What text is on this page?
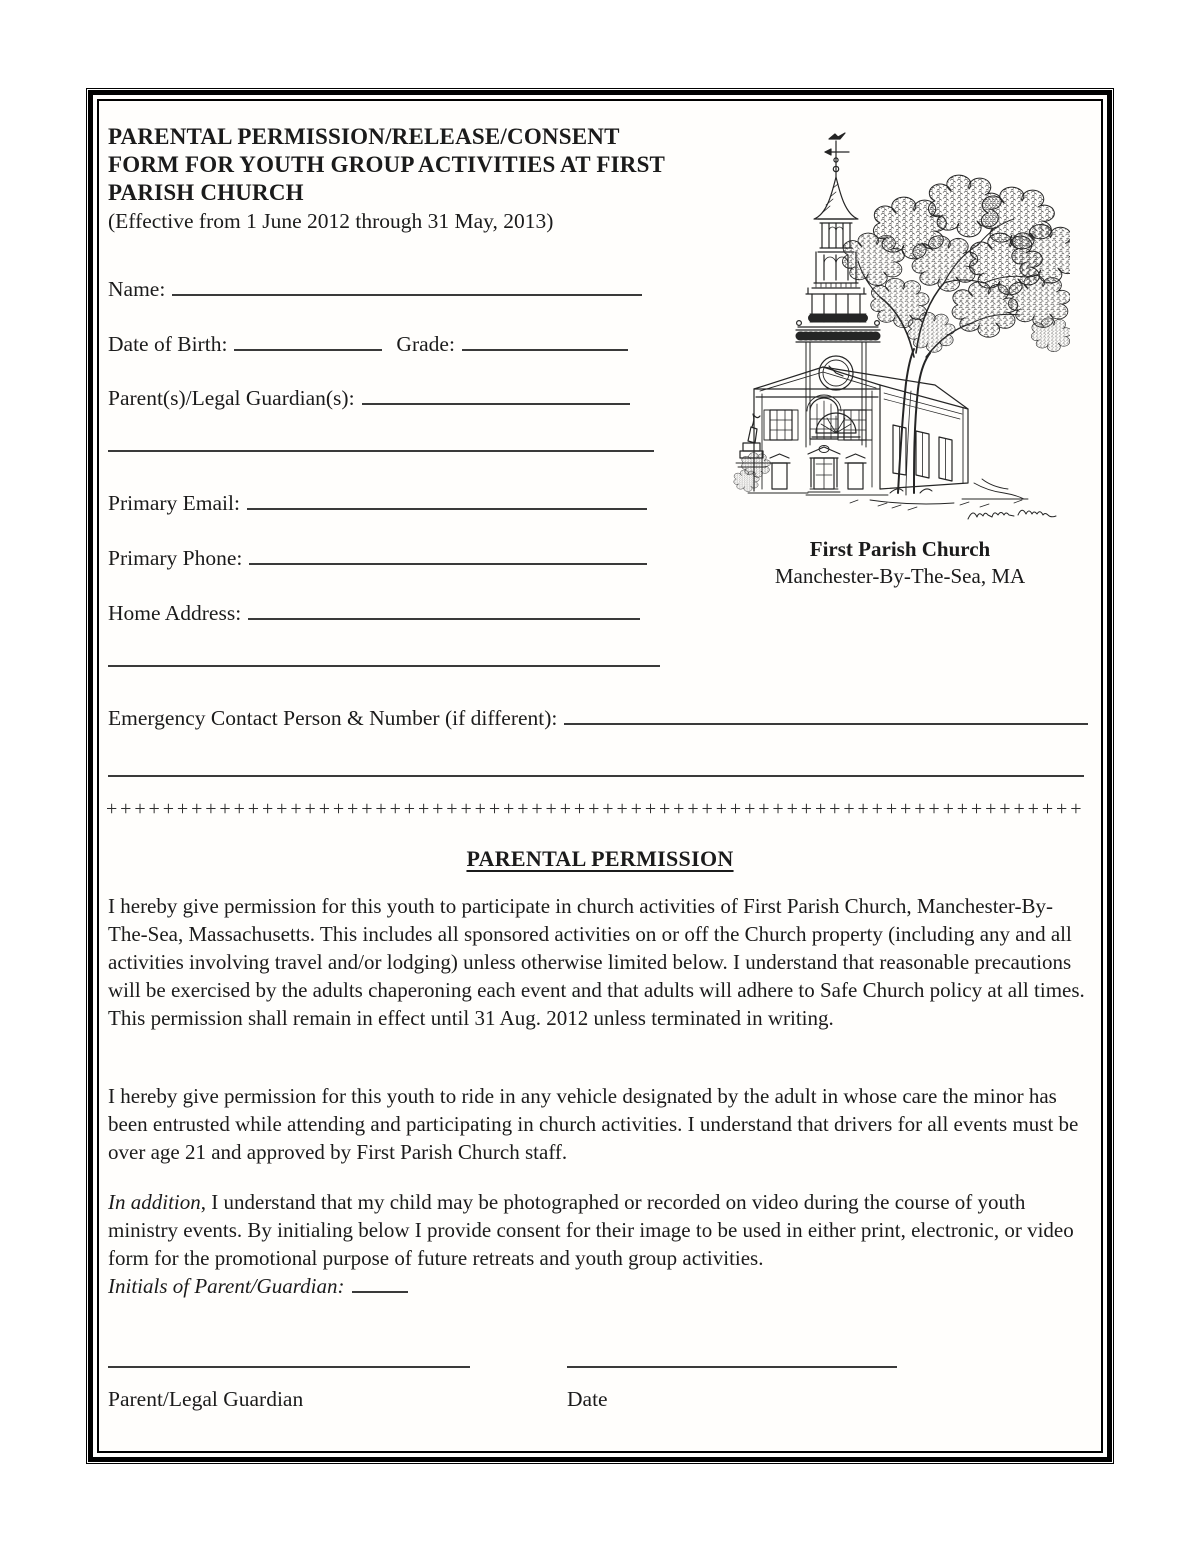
PARENTAL PERMISSION/RELEASE/CONSENT
FORM FOR YOUTH GROUP ACTIVITIES AT FIRST
PARISH CHURCH
(Effective from 1 June 2012 through 31 May, 2013)
First Parish Church
Manchester-By-The-Sea, MA
Name:
Date of Birth:	Grade:
Parent(s)/Legal Guardian(s):
Primary Email:
Primary Phone:
Home Address:
Emergency Contact Person & Number (if different):
+++++++++++++++++++++++++++++++++++++++++++++++++++++++++++++++++++++
PARENTAL PERMISSION
I hereby give permission for this youth to participate in church activities of First Parish Church, Manchester-By-The-Sea, Massachusetts. This includes all sponsored activities on or off the Church property (including any and all activities involving travel and/or lodging) unless otherwise limited below. I understand that reasonable precautions will be exercised by the adults chaperoning each event and that adults will adhere to Safe Church policy at all times. This permission shall remain in effect until 31 Aug. 2012 unless terminated in writing.
I hereby give permission for this youth to ride in any vehicle designated by the adult in whose care the minor has been entrusted while attending and participating in church activities. I understand that drivers for all events must be over age 21 and approved by First Parish Church staff.
In addition, I understand that my child may be photographed or recorded on video during the course of youth ministry events. By initialing below I provide consent for their image to be used in either print, electronic, or video form for the promotional purpose of future retreats and youth group activities.
Initials of Parent/Guardian:
Parent/Legal Guardian	Date
